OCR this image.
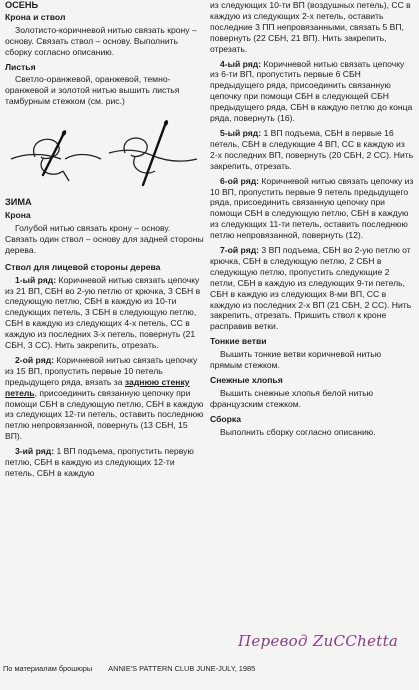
ОСЕНЬ

Крона и ствол

Золотисто-коричневой нитью связать крону – основу. Связать ствол – основу. Выполнить сборку согласно описанию.

Листья

Светло-оранжевой, оранжевой, темно-оранжевой и золотой нитью вышить листья тамбурным стежком (см. рис.)

ЗИМА

Крона

Голубой нитью связать крону – основу. Связать один ствол – основу для задней стороны дерева.

Ствол для лицевой стороны дерева

1-ый ряд: Коричневой нитью связать цепочку из 21 ВП, СБН во 2-ую петлю от крючка, 3 СБН в следующую петлю, СБН в каждую из 10-ти следующих петель, 3 СБН в следующую петлю, СБН в каждую из следующих 4-х петель, СС в каждую из последних 3-х петель, повернуть (21 СБН, 3 СС). Нить закрепить, отрезать.

2-ой ряд: Коричневой нитью связать цепочку из 15 ВП, пропустить первые 10 петель предыдущего ряда, вязать за заднюю стенку петель, присоединить связанную цепочку при помощи СБН в следующую петлю, СБН в каждую из следующих 12-ти петель, оставить последнюю петлю непровязанной, повернуть (13 СБН, 15 ВП).

3-ий ряд: 1 ВП подъема, пропустить первую петлю, СБН в каждую из следующих 12-ти петель, СБН в каждую

из следующих 10-ти ВП (воздушных петель), СС в каждую из следующих 2-х петель, оставить последние 3 ПП непровязанными, связать 5 ВП, повернуть (22 СБН, 21 ВП). Нить закрепить, отрезать.

4-ый ряд: Коричневой нитью связать цепочку из 6-ти ВП, пропустить первые 6 СБН предыдущего ряда, присоединить связанную цепочку при помощи СБН в следующей СБН предыдущего ряда, СБН в каждую петлю до конца ряда, повернуть (16).

5-ый ряд: 1 ВП подъема, СБН в первые 16 петель, СБН в следующие 4 ВП, СС в каждую из 2-х последних ВП, повернуть (20 СБН, 2 СС). Нить закрепить, отрезать.

6-ой ряд: Коричневой нитью связать цепочку из 10 ВП, пропустить первые 9 петель предыдущего ряда, присоединить связанную цепочку при помощи СБН в следующую петлю, СБН в каждую из следующих 11-ти петель, оставить последнюю петлю непровязанной, повернуть (12).

7-ой ряд: 3 ВП подъема, СБН во 2-ую петлю от крючка, СБН в следующую петлю, 2 СБН в следующую петлю, пропустить следующие 2 петли, СБН в каждую из следующих 9-ти петель, СБН в каждую из следующих 8-ми ВП, СС в каждую из последних 2-х ВП (21 СБН, 2 СС). Нить закрепить, отрезать. Пришить ствол к кроне расправив ветки.

Тонкие ветви

Вышить тонкие ветви коричневой нитью прямым стежком.

Снежные хлопья

Вышить снежные хлопья белой нитью французским стежком.

Сборка

Выполнить сборку согласно описанию.

Перевод ZuCChetta
По материалам брошюры ANNIE'S PATTERN CLUB JUNE-JULY, 1985
